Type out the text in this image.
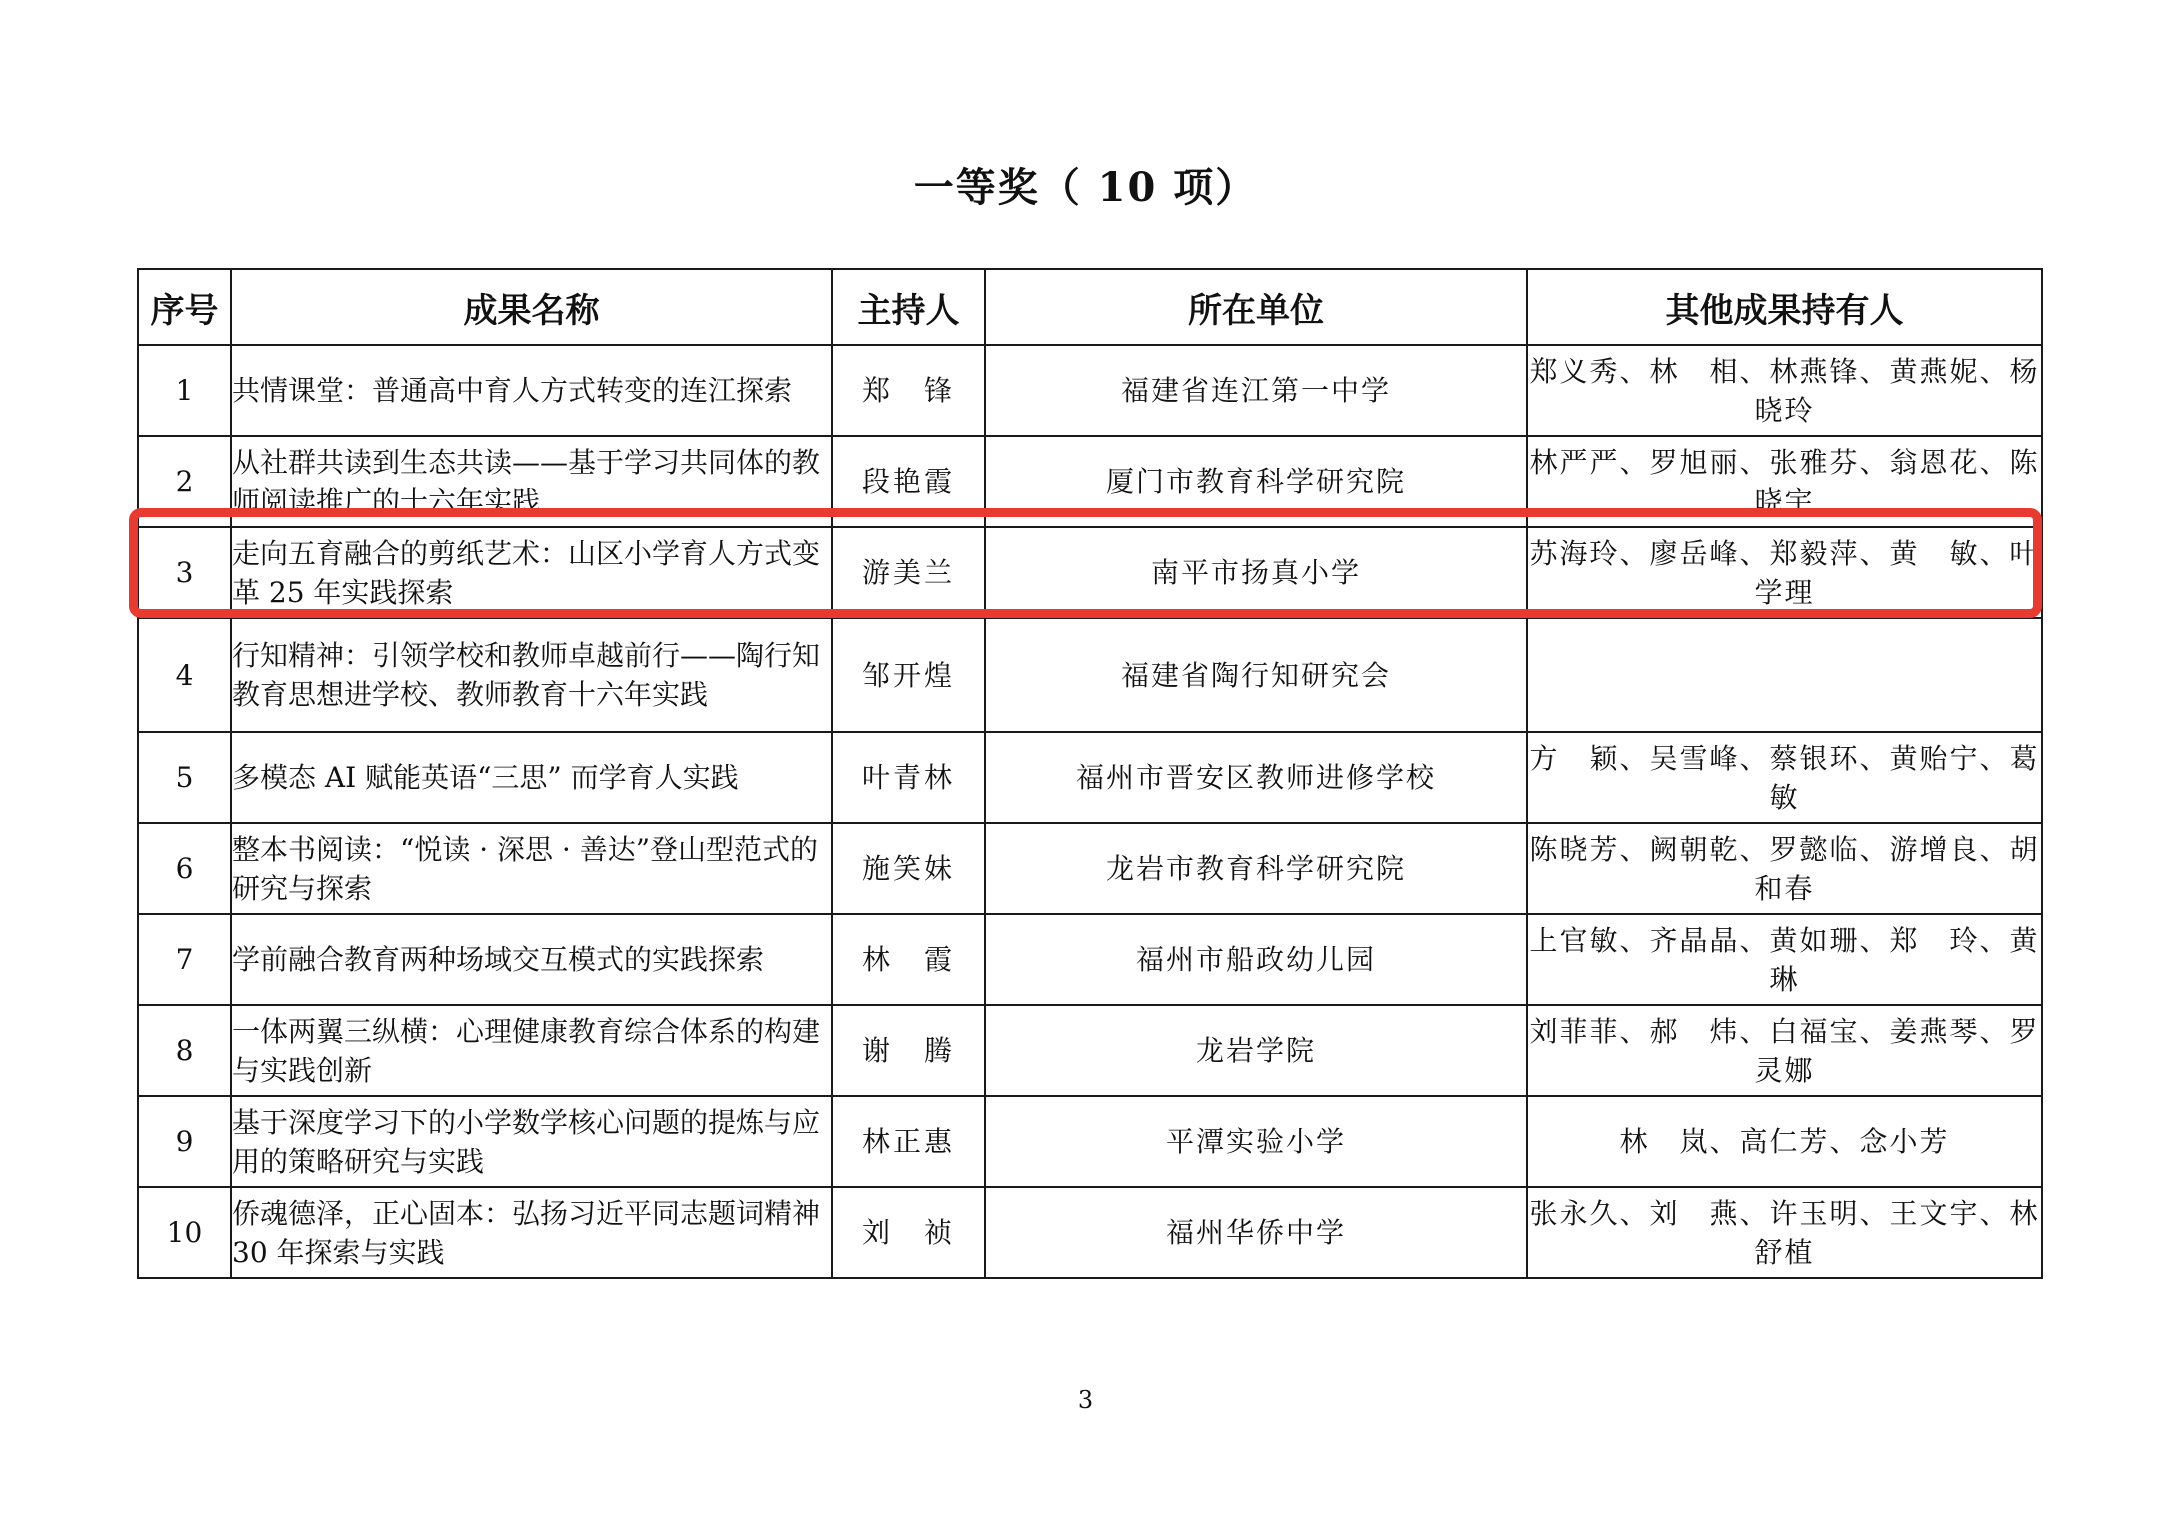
一等奖（ 10 项）
序号	成果名称	主持人	所在单位	其他成果持有人
1	共情课堂：普通高中育人方式转变的连江探索	郑　锋	福建省连江第一中学	郑义秀、林　相、林燕锋、黄燕妮、杨晓玲

2	从社群共读到生态共读——基于学习共同体的教师阅读推广的十六年实践	段艳霞	厦门市教育科学研究院	林严严、罗旭丽、张雅芬、翁恩花、陈晓宇

3	走向五育融合的剪纸艺术：山区小学育人方式变革 25 年实践探索	游美兰	南平市扬真小学	苏海玲、廖岳峰、郑毅萍、黄　敏、叶学理

4	行知精神：引领学校和教师卓越前行——陶行知教育思想进学校、教师教育十六年实践	邹开煌	福建省陶行知研究会	
5	多模态 AI 赋能英语“三思” 而学育人实践	叶青林	福州市晋安区教师进修学校	方　颖、吴雪峰、蔡银环、黄贻宁、葛　敏

6	整本书阅读：“悦读 · 深思 · 善达”登山型范式的研究与探索	施笑妹	龙岩市教育科学研究院	陈晓芳、阙朝乾、罗懿临、游增良、胡和春

7	学前融合教育两种场域交互模式的实践探索	林　霞	福州市船政幼儿园	上官敏、齐晶晶、黄如珊、郑　玲、黄　琳

8	一体两翼三纵横：心理健康教育综合体系的构建与实践创新	谢　腾	龙岩学院	刘菲菲、郝　炜、白福宝、姜燕琴、罗灵娜

9	基于深度学习下的小学数学核心问题的提炼与应用的策略研究与实践	林正惠	平潭实验小学	林　岚、高仁芳、念小芳

10	侨魂德泽，正心固本：弘扬习近平同志题词精神 30 年探索与实践	刘　祯	福州华侨中学	张永久、刘　燕、许玉明、王文宇、林舒植
3
